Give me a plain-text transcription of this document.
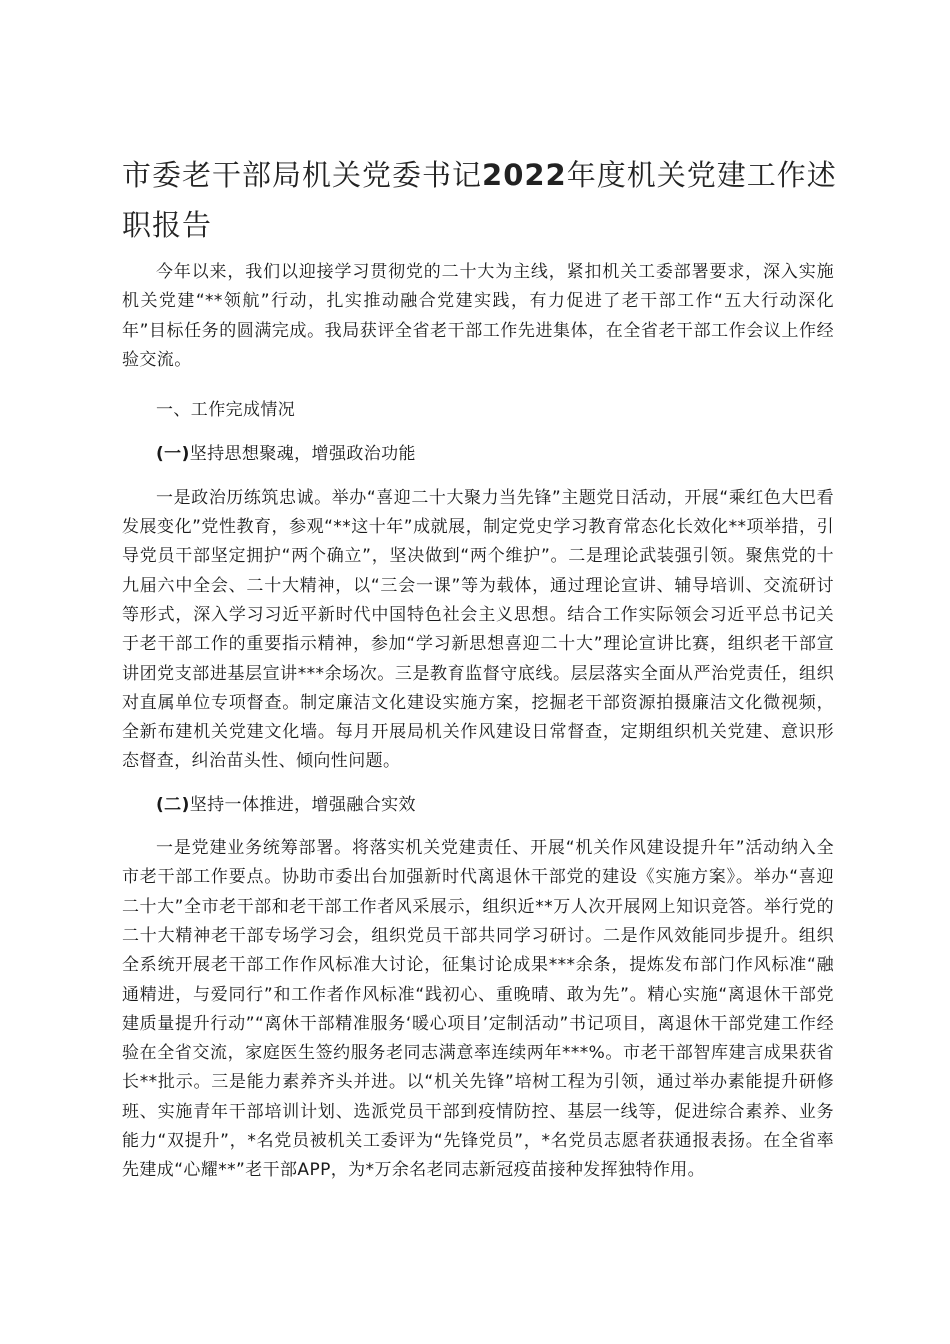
市委老干部局机关党委书记2022年度机关党建工作述职报告

今年以来，我们以迎接学习贯彻党的二十大为主线，紧扣机关工委部署要求，深入实施机关党建“**领航”行动，扎实推动融合党建实践，有力促进了老干部工作“五大行动深化年”目标任务的圆满完成。我局获评全省老干部工作先进集体，在全省老干部工作会议上作经验交流。

一、工作完成情况

(一)坚持思想聚魂，增强政治功能

一是政治历练筑忠诚。举办“喜迎二十大聚力当先锋”主题党日活动，开展“乘红色大巴看发展变化”党性教育，参观“**这十年”成就展，制定党史学习教育常态化长效化**项举措，引导党员干部坚定拥护“两个确立”，坚决做到“两个维护”。二是理论武装强引领。聚焦党的十九届六中全会、二十大精神，以“三会一课”等为载体，通过理论宣讲、辅导培训、交流研讨等形式，深入学习习近平新时代中国特色社会主义思想。结合工作实际领会习近平总书记关于老干部工作的重要指示精神，参加“学习新思想喜迎二十大”理论宣讲比赛，组织老干部宣讲团党支部进基层宣讲***余场次。三是教育监督守底线。层层落实全面从严治党责任，组织对直属单位专项督查。制定廉洁文化建设实施方案，挖掘老干部资源拍摄廉洁文化微视频，全新布建机关党建文化墙。每月开展局机关作风建设日常督查，定期组织机关党建、意识形态督查，纠治苗头性、倾向性问题。

(二)坚持一体推进，增强融合实效

一是党建业务统筹部署。将落实机关党建责任、开展“机关作风建设提升年”活动纳入全市老干部工作要点。协助市委出台加强新时代离退休干部党的建设《实施方案》。举办“喜迎二十大”全市老干部和老干部工作者风采展示，组织近**万人次开展网上知识竞答。举行党的二十大精神老干部专场学习会，组织党员干部共同学习研讨。二是作风效能同步提升。组织全系统开展老干部工作作风标准大讨论，征集讨论成果***余条，提炼发布部门作风标准“融通精进，与爱同行”和工作者作风标准“践初心、重晚晴、敢为先”。精心实施“离退休干部党建质量提升行动”“离休干部精准服务‘暖心项目’定制活动”书记项目，离退休干部党建工作经验在全省交流，家庭医生签约服务老同志满意率连续两年***%。市老干部智库建言成果获省长**批示。三是能力素养齐头并进。以“机关先锋”培树工程为引领，通过举办素能提升研修班、实施青年干部培训计划、选派党员干部到疫情防控、基层一线等，促进综合素养、业务能力“双提升”，*名党员被机关工委评为“先锋党员”，*名党员志愿者获通报表扬。在全省率先建成“心耀**”老干部APP，为*万余名老同志新冠疫苗接种发挥独特作用。
